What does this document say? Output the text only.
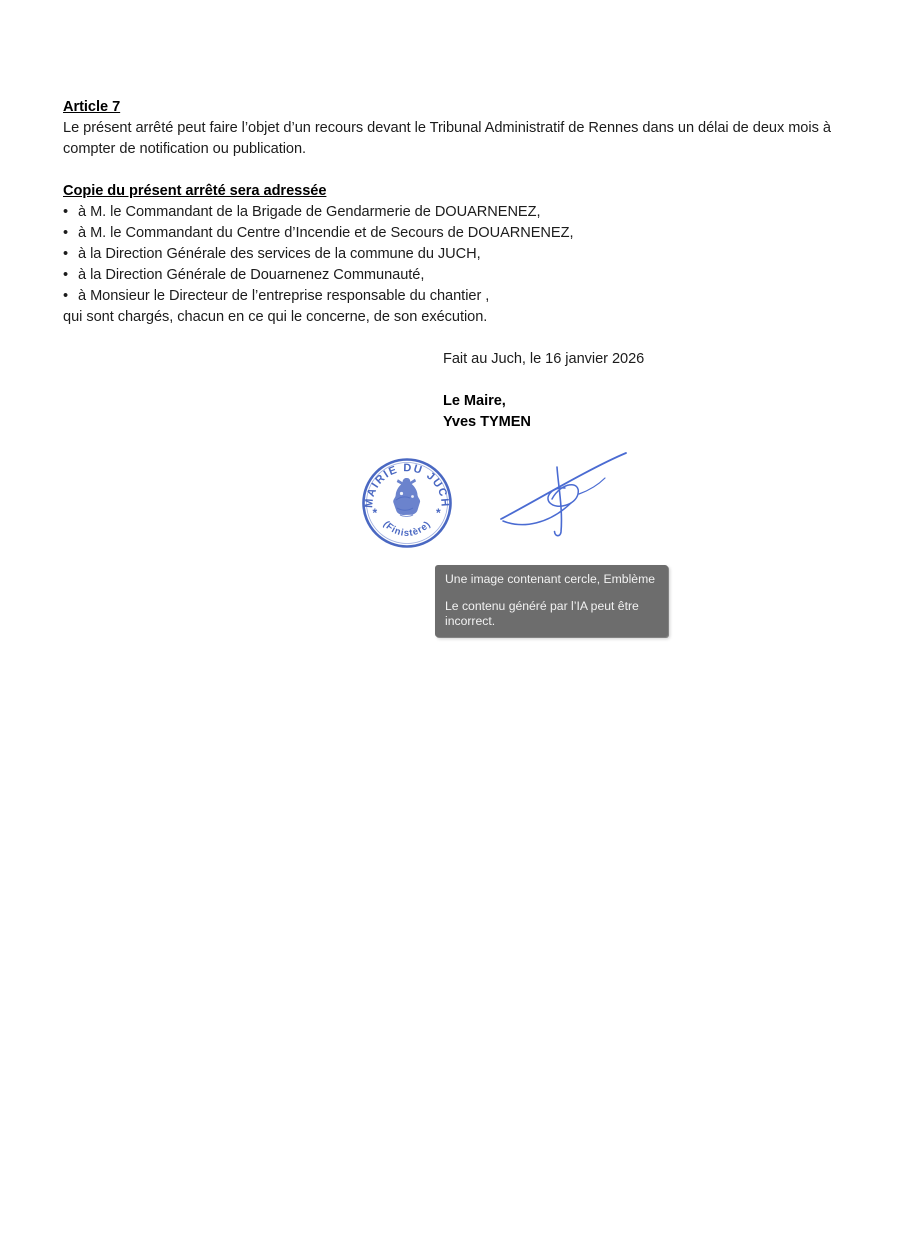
Article 7

Le présent arrêté peut faire l’objet d’un recours devant le Tribunal Administratif de Rennes dans un délai de deux mois à compter de notification ou publication.

Copie du présent arrêté sera adressée
• à M. le Commandant de la Brigade de Gendarmerie de DOUARNENEZ,
• à M. le Commandant du Centre d’Incendie et de Secours de DOUARNENEZ,
• à la Direction Générale des services de la commune du JUCH,
• à la Direction Générale de Douarnenez Communauté,
• à Monsieur le Directeur de l’entreprise responsable du chantier ,

qui sont chargés, chacun en ce qui le concerne, de son exécution.

Fait au Juch, le 16 janvier 2026

Le Maire,

Yves TYMEN

MAIRIE DU JUCH
(Finistère)
*	*

Une image contenant cercle, Emblème

Le contenu généré par l’IA peut être incorrect.
